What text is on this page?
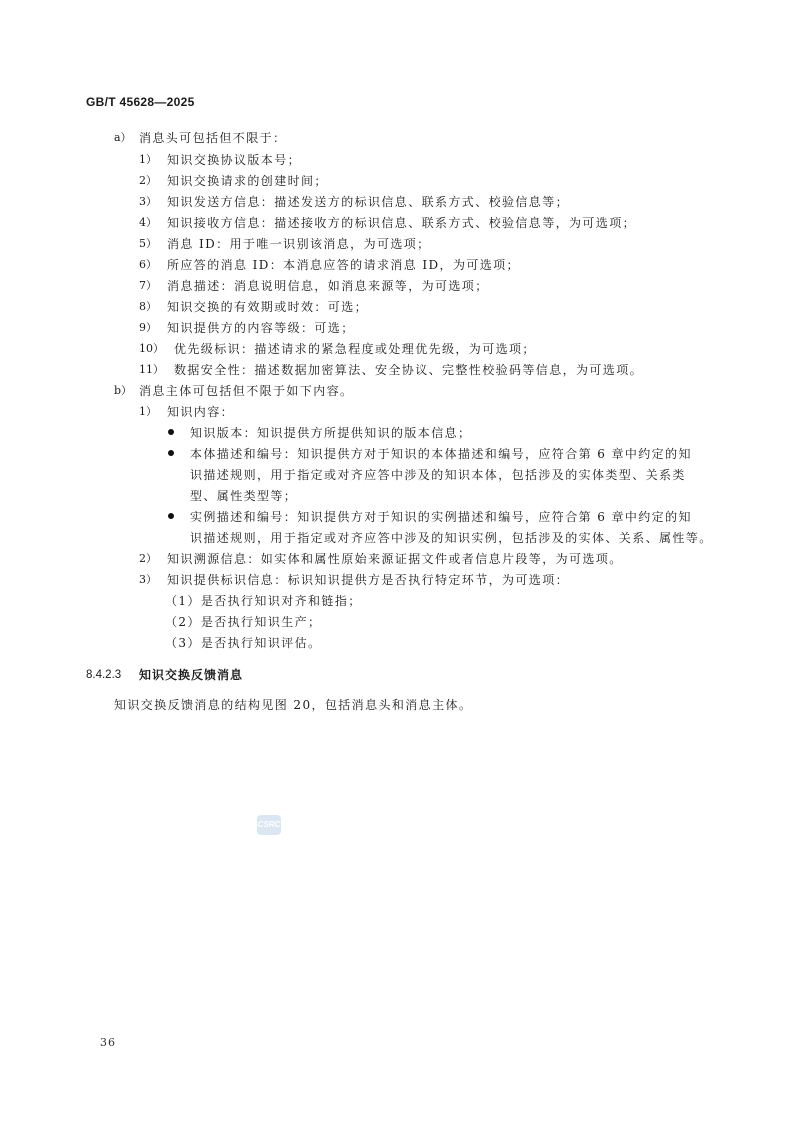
GB/T 45628—2025
a） 消息头可包括但不限于：
1） 知识交换协议版本号；
2） 知识交换请求的创建时间；
3） 知识发送方信息：描述发送方的标识信息、联系方式、校验信息等；
4） 知识接收方信息：描述接收方的标识信息、联系方式、校验信息等，为可选项；
5） 消息 ID：用于唯一识别该消息，为可选项；
6） 所应答的消息 ID：本消息应答的请求消息 ID，为可选项；
7） 消息描述：消息说明信息，如消息来源等，为可选项；
8） 知识交换的有效期或时效：可选；
9） 知识提供方的内容等级：可选；
10） 优先级标识：描述请求的紧急程度或处理优先级，为可选项；
11） 数据安全性：描述数据加密算法、安全协议、完整性校验码等信息，为可选项。
b） 消息主体可包括但不限于如下内容。
1） 知识内容：
知识版本：知识提供方所提供知识的版本信息；
本体描述和编号：知识提供方对于知识的本体描述和编号，应符合第 6 章中约定的知
识描述规则，用于指定或对齐应答中涉及的知识本体，包括涉及的实体类型、关系类
型、属性类型等；
实例描述和编号：知识提供方对于知识的实例描述和编号，应符合第 6 章中约定的知
识描述规则，用于指定或对齐应答中涉及的知识实例，包括涉及的实体、关系、属性等。
2） 知识溯源信息：如实体和属性原始来源证据文件或者信息片段等，为可选项。
3） 知识提供标识信息：标识知识提供方是否执行特定环节，为可选项：
（1）是否执行知识对齐和链指；
（2）是否执行知识生产；
（3）是否执行知识评估。
8.4.2.3 知识交换反馈消息
知识交换反馈消息的结构见图 20，包括消息头和消息主体。
CSRC
36
